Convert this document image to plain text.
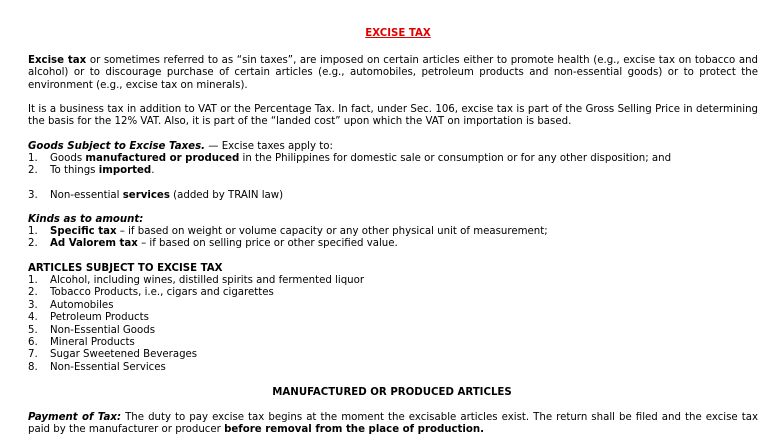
EXCISE TAX

Excise tax or sometimes referred to as “sin taxes”, are imposed on certain articles either to promote health (e.g., excise tax on tobacco and alcohol) or to discourage purchase of certain articles (e.g., automobiles, petroleum products and non-essential goods) or to protect the environment (e.g., excise tax on minerals).

It is a business tax in addition to VAT or the Percentage Tax. In fact, under Sec. 106, excise tax is part of the Gross Selling Price in determining the basis for the 12% VAT. Also, it is part of the “landed cost” upon which the VAT on importation is based.

Goods Subject to Excise Taxes. — Excise taxes apply to:

1. Goods manufactured or produced in the Philippines for domestic sale or consumption or for any other disposition; and
2. To things imported.
3. Non-essential services (added by TRAIN law)

Kinds as to amount:

1. Specific tax – if based on weight or volume capacity or any other physical unit of measurement;
2. Ad Valorem tax – if based on selling price or other specified value.

ARTICLES SUBJECT TO EXCISE TAX

1. Alcohol, including wines, distilled spirits and fermented liquor
2. Tobacco Products, i.e., cigars and cigarettes
3. Automobiles
4. Petroleum Products
5. Non-Essential Goods
6. Mineral Products
7. Sugar Sweetened Beverages
8. Non-Essential Services

MANUFACTURED OR PRODUCED ARTICLES

Payment of Tax: The duty to pay excise tax begins at the moment the excisable articles exist. The return shall be filed and the excise tax paid by the manufacturer or producer before removal from the place of production.
